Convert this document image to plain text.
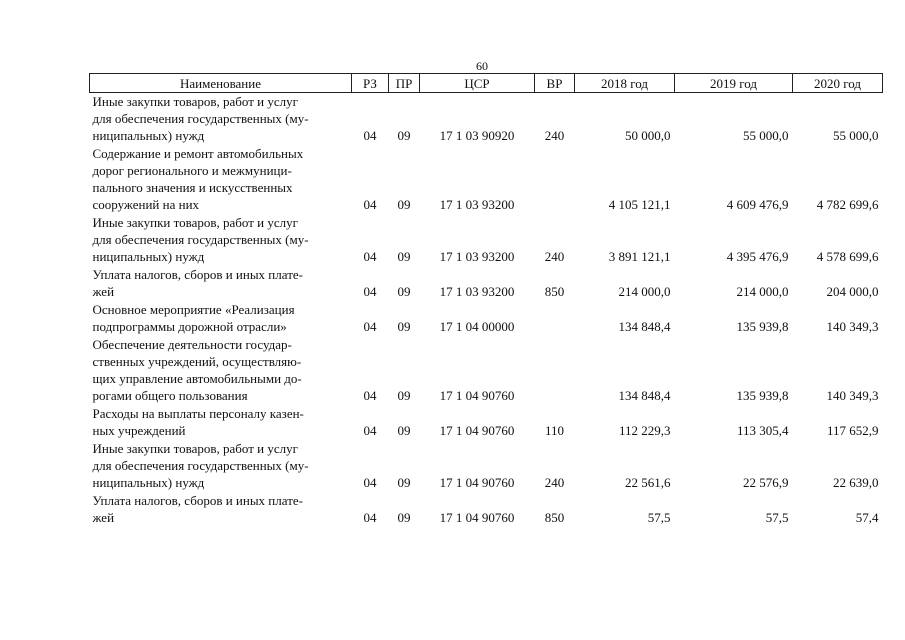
60
Наименование	РЗ	ПР	ЦСР	ВР	2018 год	2019 год	2020 год

Иные закупки товаров, работ и услуг
для обеспечения государственных (му-
ниципальных) нужд	04	09	17 1 03 90920	240	50 000,0	55 000,0	55 000,0

Содержание и ремонт автомобильных
дорог регионального и межмуници-
пального значения и искусственных
сооружений на них	04	09	17 1 03 93200		4 105 121,1	4 609 476,9	4 782 699,6

Иные закупки товаров, работ и услуг
для обеспечения государственных (му-
ниципальных) нужд	04	09	17 1 03 93200	240	3 891 121,1	4 395 476,9	4 578 699,6

Уплата налогов, сборов и иных плате-
жей	04	09	17 1 03 93200	850	214 000,0	214 000,0	204 000,0

Основное мероприятие «Реализация
подпрограммы дорожной отрасли»	04	09	17 1 04 00000		134 848,4	135 939,8	140 349,3

Обеспечение деятельности государ-
ственных учреждений, осуществляю-
щих управление автомобильными до-
рогами общего пользования	04	09	17 1 04 90760		134 848,4	135 939,8	140 349,3

Расходы на выплаты персоналу казен-
ных учреждений	04	09	17 1 04 90760	110	112 229,3	113 305,4	117 652,9

Иные закупки товаров, работ и услуг
для обеспечения государственных (му-
ниципальных) нужд	04	09	17 1 04 90760	240	22 561,6	22 576,9	22 639,0

Уплата налогов, сборов и иных плате-
жей	04	09	17 1 04 90760	850	57,5	57,5	57,4
